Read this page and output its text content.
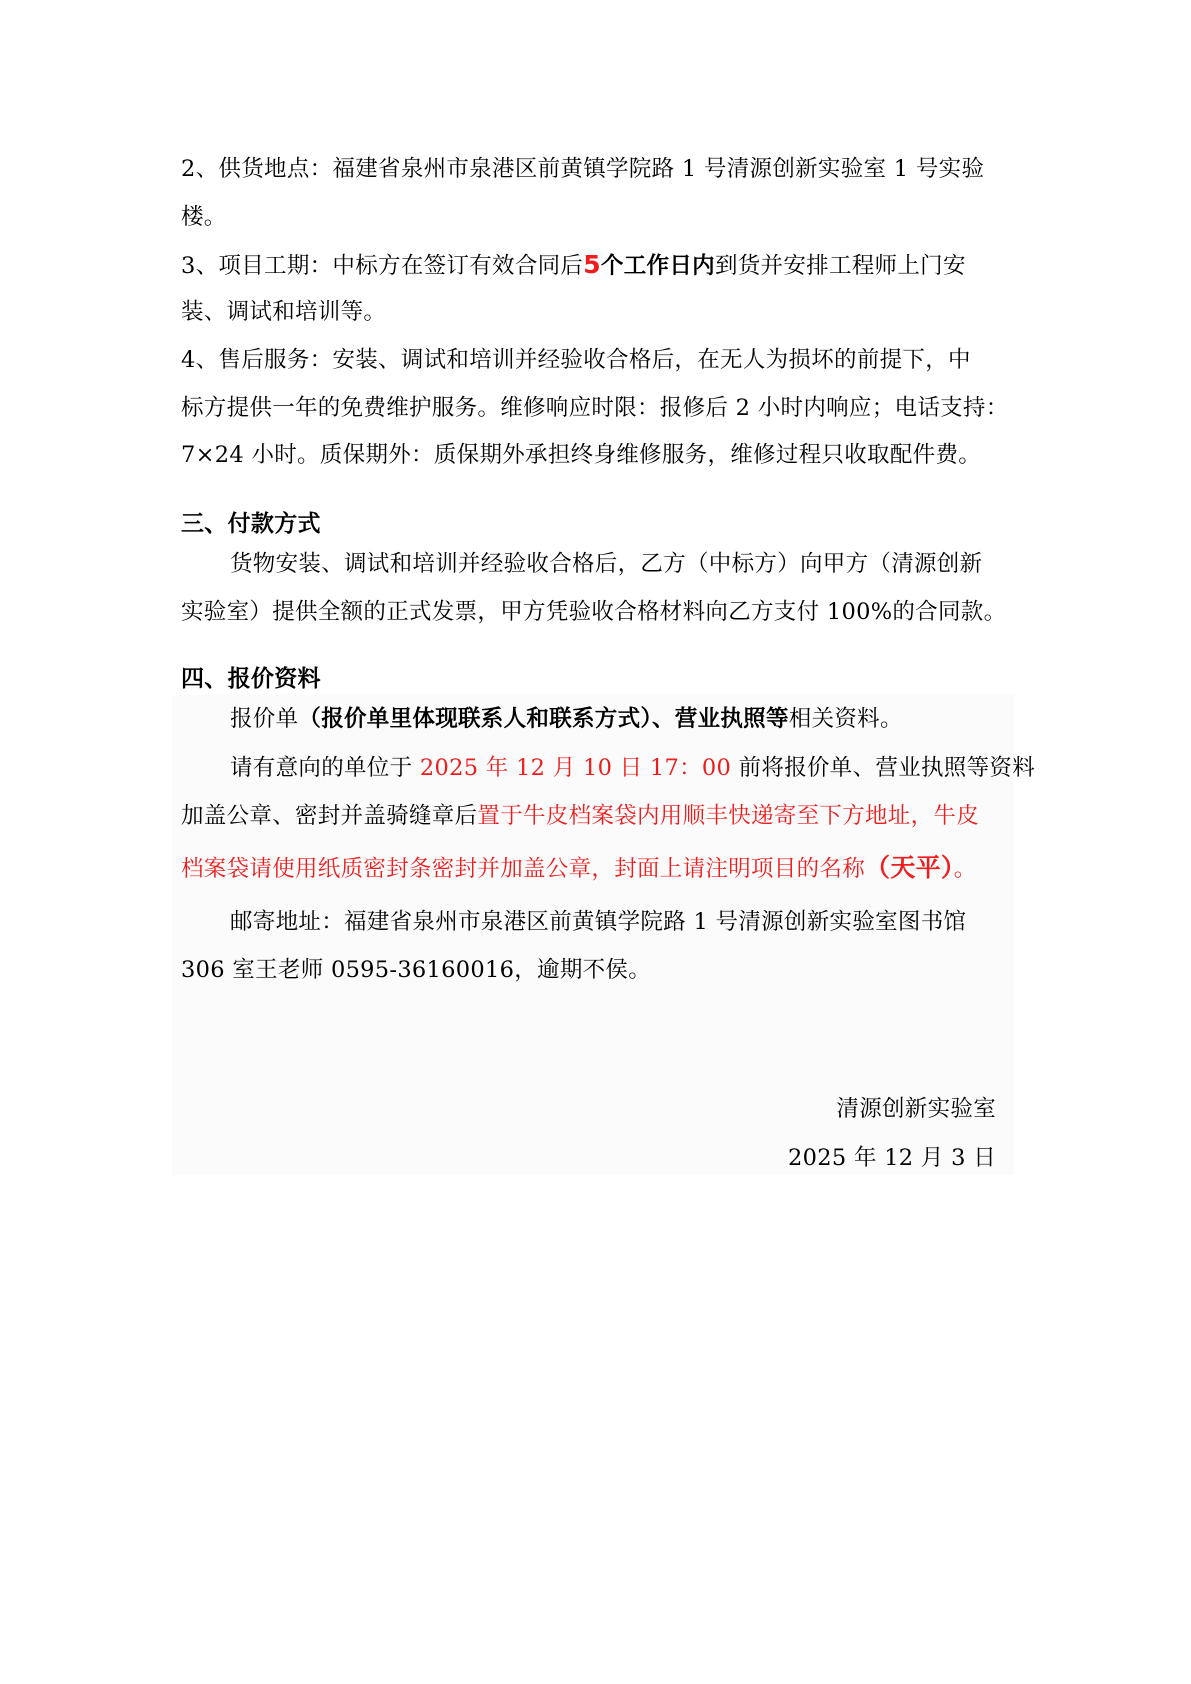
2、供货地点：福建省泉州市泉港区前黄镇学院路 1 号清源创新实验室 1 号实验
楼。
3、项目工期：中标方在签订有效合同后5个工作日内到货并安排工程师上门安
装、调试和培训等。
4、售后服务：安装、调试和培训并经验收合格后，在无人为损坏的前提下，中
标方提供一年的免费维护服务。维修响应时限：报修后 2 小时内响应；电话支持：
7×24 小时。质保期外：质保期外承担终身维修服务，维修过程只收取配件费。
三、付款方式
货物安装、调试和培训并经验收合格后，乙方（中标方）向甲方（清源创新
实验室）提供全额的正式发票，甲方凭验收合格材料向乙方支付 100%的合同款。
四、报价资料
报价单（报价单里体现联系人和联系方式）、营业执照等相关资料。
请有意向的单位于 2025 年 12 月 10 日 17：00 前将报价单、营业执照等资料
加盖公章、密封并盖骑缝章后置于牛皮档案袋内用顺丰快递寄至下方地址，牛皮
档案袋请使用纸质密封条密封并加盖公章，封面上请注明项目的名称（天平）。
邮寄地址：福建省泉州市泉港区前黄镇学院路 1 号清源创新实验室图书馆
306 室王老师 0595-36160016，逾期不侯。
清源创新实验室
2025 年 12 月 3 日
